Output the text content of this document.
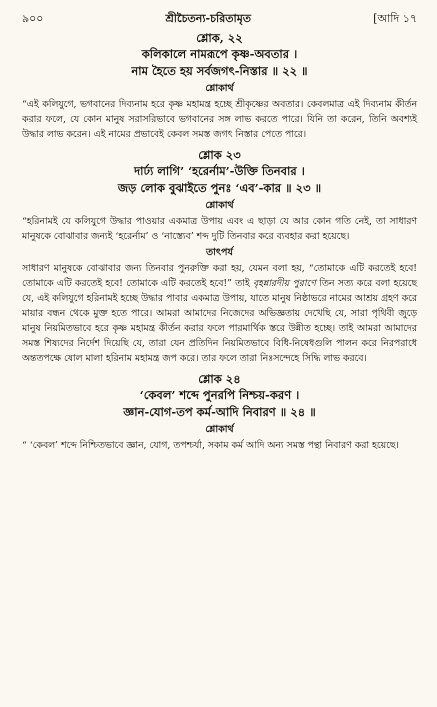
৯০০	শ্রীচৈতন্য-চরিতামৃত	[আদি ১৭

শ্লোক, ২২

কলিকালে নামরূপে কৃষ্ণ-অবতার ।

নাম হৈতে হয় সর্বজগৎ-নিস্তার ॥ ২২ ॥

শ্লোকার্থ

“এই কলিযুগে, ভগবানের দিব্যনাম হরে কৃষ্ণ মহামন্ত্র হচ্ছে শ্রীকৃষ্ণের অবতার। কেবলমাত্র এই দিব্যনাম কীর্তন করার ফলে, যে কোন মানুষ সরাসরিভাবে ভগবানের সঙ্গ লাভ করতে পারে। যিনি তা করেন, তিনি অবশ্যই উদ্ধার লাভ করেন। এই নামের প্রভাবেই কেবল সমস্ত জগৎ নিস্তার পেতে পারে।

শ্লোক ২৩

দার্ঢ্য লাগি’ ‘হরের্নাম’-উক্তি তিনবার ।

জড় লোক বুঝাইতে পুনঃ ‘এব’-কার ॥ ২৩ ॥

শ্লোকার্থ

“হরিনামই যে কলিযুগে উদ্ধার পাওয়ার একমাত্র উপায় এবং এ ছাড়া যে আর কোন গতি নেই, তা সাধারণ মানুষকে বোঝাবার জন্যই ‘হরের্নাম’ ও ‘নাস্ত্যেব’ শব্দ দুটি তিনবার করে ব্যবহার করা হয়েছে।

তাৎপর্য

সাধারণ মানুষকে বোঝাবার জন্য তিনবার পুনরুক্তি করা হয়, যেমন বলা হয়, “তোমাকে এটি করতেই হবে! তোমাকে এটি করতেই হবে! তোমাকে এটি করতেই হবে!” তাই বৃহন্নারদীয় পুরাণে তিন সত্য করে বলা হয়েছে যে, এই কলিযুগে হরিনামই হচ্ছে উদ্ধার পাবার একমাত্র উপায়, যাতে মানুষ নিষ্ঠাভরে নামের আশ্রয় গ্রহণ করে মায়ার বন্ধন থেকে মুক্ত হতে পারে। আমরা আমাদের নিজেদের অভিজ্ঞতায় দেখেছি যে, সারা পৃথিবী জুড়ে মানুষ নিয়মিতভাবে হরে কৃষ্ণ মহামন্ত্র কীর্তন করার ফলে পারমার্থিক স্তরে উন্নীত হচ্ছে। তাই আমরা আমাদের সমস্ত শিষ্যদের নির্দেশ দিয়েছি যে, তারা যেন প্রতিদিন নিয়মিতভাবে বিধি-নিষেধগুলি পালন করে নিরপরাধে অন্ততপক্ষে ষোল মালা হরিনাম মহামন্ত্র জপ করে। তার ফলে তারা নিঃসন্দেহে সিদ্ধি লাভ করবে।

শ্লোক ২৪

‘কেবল’ শব্দে পুনরপি নিশ্চয়-করণ ।

জ্ঞান-যোগ-তপ কর্ম-আদি নিবারণ ॥ ২৪ ॥

শ্লোকার্থ

“ ‘কেবল’ শব্দে নিশ্চিতভাবে জ্ঞান, যোগ, তপশ্চর্যা, সকাম কর্ম আদি অন্য সমস্ত পন্থা নিবারণ করা হয়েছে।
